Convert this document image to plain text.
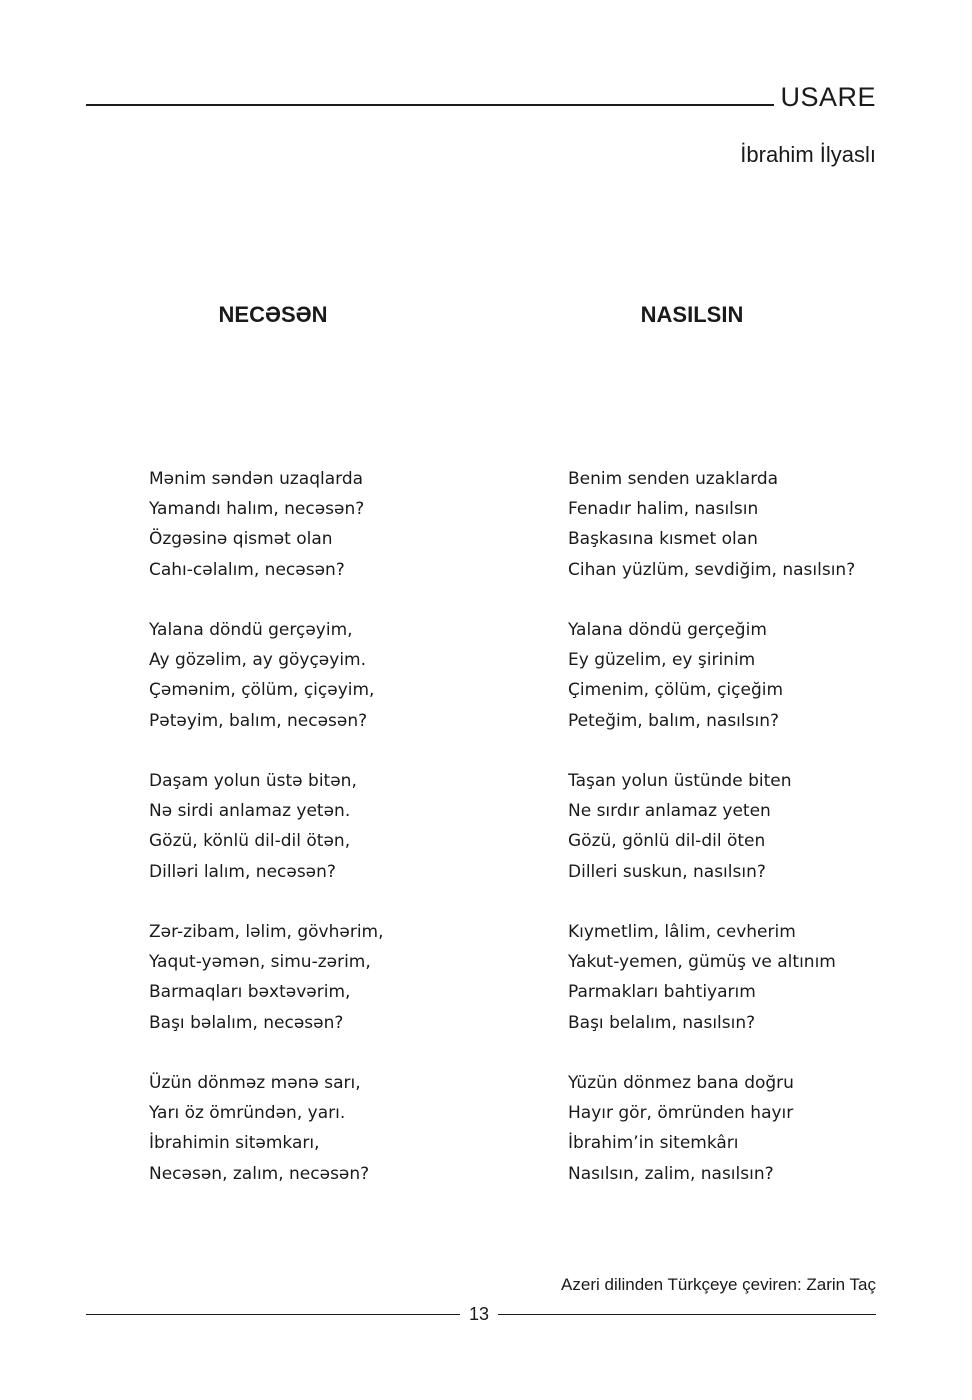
USARE
İbrahim İlyaslı
NECƏSƏN	NASILSIN
Mənim səndən uzaqlarda
Yamandı halım, necəsən?
Özgəsinə qismət olan
Cahı-cəlalım, necəsən?
Yalana döndü gerçəyim,
Ay gözəlim, ay göyçəyim.
Çəmənim, çölüm, çiçəyim,
Pətəyim, balım, necəsən?
Daşam yolun üstə bitən,
Nə sirdi anlamaz yetən.
Gözü, könlü dil-dil ötən,
Dilləri lalım, necəsən?
Zər-zibam, ləlim, gövhərim,
Yaqut-yəmən, simu-zərim,
Barmaqları bəxtəvərim,
Başı bəlalım, necəsən?
Üzün dönməz mənə sarı,
Yarı öz ömründən, yarı.
İbrahimin sitəmkarı,
Necəsən, zalım, necəsən?
Benim senden uzaklarda
Fenadır halim, nasılsın
Başkasına kısmet olan
Cihan yüzlüm, sevdiğim, nasılsın?
Yalana döndü gerçeğim
Ey güzelim, ey şirinim
Çimenim, çölüm, çiçeğim
Peteğim, balım, nasılsın?
Taşan yolun üstünde biten
Ne sırdır anlamaz yeten
Gözü, gönlü dil-dil öten
Dilleri suskun, nasılsın?
Kıymetlim, lâlim, cevherim
Yakut-yemen, gümüş ve altınım
Parmakları bahtiyarım
Başı belalım, nasılsın?
Yüzün dönmez bana doğru
Hayır gör, ömründen hayır
İbrahim’in sitemkârı
Nasılsın, zalim, nasılsın?
Azeri dilinden Türkçeye çeviren: Zarin Taç
13
